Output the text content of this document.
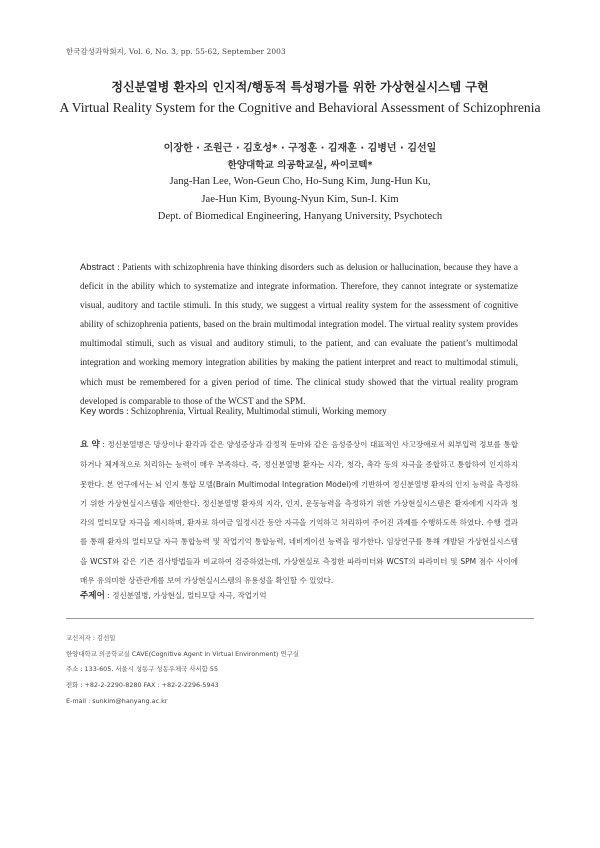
한국감성과학회지, Vol. 6, No. 3, pp. 55-62, September 2003
정신분열병 환자의 인지적/행동적 특성평가를 위한 가상현실시스템 구현
A Virtual Reality System for the Cognitive and Behavioral Assessment of Schizophrenia
이장한 · 조원근 · 김호성* · 구정훈 · 김재훈 · 김병넌 · 김선일
한양대학교 의공학교실, 싸이코텍*
Jang-Han Lee, Won-Geun Cho, Ho-Sung Kim, Jung-Hun Ku,
Jae-Hun Kim, Byoung-Nyun Kim, Sun-I. Kim
Dept. of Biomedical Engineering, Hanyang University, Psychotech
Abstract : Patients with schizophrenia have thinking disorders such as delusion or hallucination, because they have a deficit in the ability which to systematize and integrate information. Therefore, they cannot integrate or systematize visual, auditory and tactile stimuli. In this study, we suggest a virtual reality system for the assessment of cognitive ability of schizophrenia patients, based on the brain multimodal integration model. The virtual reality system provides multimodal stimuli, such as visual and auditory stimuli, to the patient, and can evaluate the patient’s multimodal integration and working memory integration abilities by making the patient interpret and react to multimodal stimuli, which must be remembered for a given period of time. The clinical study showed that the virtual reality program developed is comparable to those of the WCST and the SPM.
Key words : Schizophrenia, Virtual Reality, Multimodal stimuli, Working memory
요 약 : 정신분열병은 망상이나 환각과 같은 양성증상과 감정적 둔마와 같은 음성증상이 대표적인 사고장애로서 외부입력 정보를 통합하거나 체계적으로 처리하는 능력이 매우 부족하다. 즉, 정신분열병 환자는 시각, 청각, 촉각 등의 자극을 종합하고 통합하여 인지하지 못한다. 본 연구에서는 뇌 인지 통합 모델(Brain Multimodal Integration Model)에 기반하여 정신분열병 환자의 인지 능력을 측정하기 위한 가상현실시스템을 제안한다. 정신분열병 환자의 지각, 인지, 운동능력을 측정하기 위한 가상현실시스템은 환자에게 시각과 청각의 멀티모달 자극을 제시하며, 환자로 하여금 일정시간 동안 자극을 기억하고 처리하여 주어진 과제를 수행하도록 하였다. 수행 결과를 통해 환자의 멀티모달 자극 통합능력 및 작업기억 통합능력, 네비게이션 능력을 평가한다. 임상연구를 통해 개발된 가상현실시스템을 WCST와 같은 기존 검사방법들과 비교하여 검증하였는데, 가상현실로 측정한 파라미터와 WCST의 파라미터 및 SPM 점수 사이에 매우 유의미한 상관관계를 보여 가상현실시스템의 유용성을 확인할 수 있었다.
주제어 : 정신분열병, 가상현실, 멀티모달 자극, 작업기억
교신저자 : 김선일
한양대학교 의공학교실 CAVE(Cognitive Agent in Virtual Environment) 연구실
주소 : 133-605, 서울시 성동구 성동우체국 사서함 55
전화 : +82-2-2290-8280 FAX : +82-2-2296-5943
E-mail : sunkim@hanyang.ac.kr
